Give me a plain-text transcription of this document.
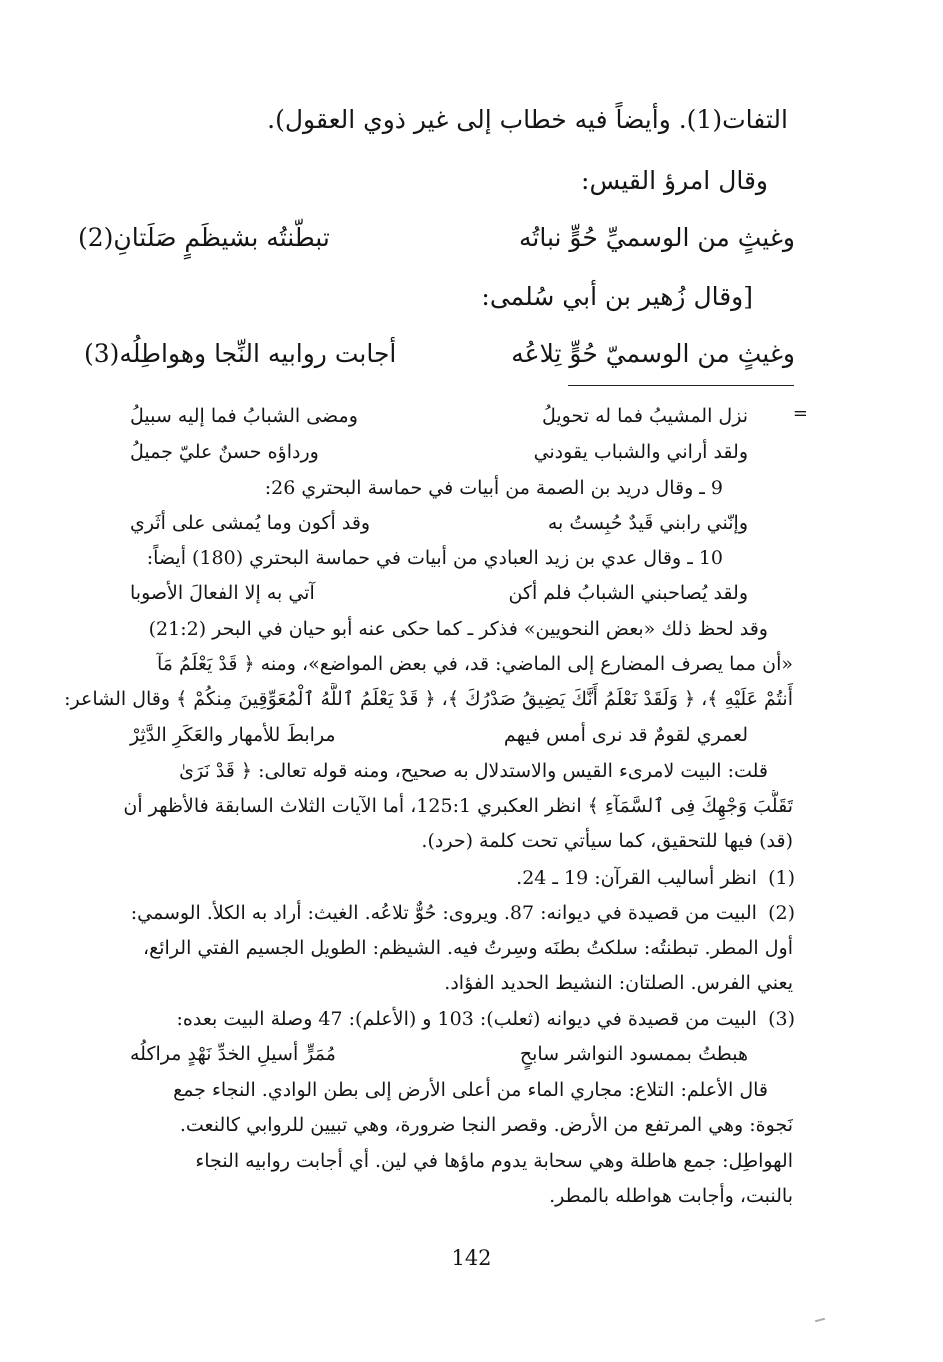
التفات(1). وأيضاً فيه خطاب إلى غير ذوي العقول).
وقال امرؤ القيس:
وغيثٍ من الوسميِّ حُوٍّ نباتُه
تبطّنتُه بشيظَمٍ صَلَتانِ(2)
[وقال زُهير بن أبي سُلمى:
وغيثٍ من الوسميّ حُوٍّ تِلاعُه
أجابت روابيه النِّجا وهواطِلُه(3)
=
نزل المشيبُ فما له تحويلُ
ومضى الشبابُ فما إليه سبيلُ
ولقد أراني والشباب يقودني
ورداؤه حسنٌ عليّ جميلُ
9 ـ وقال دريد بن الصمة من أبيات في حماسة البحتري 26:
وإنّني رابني قَيدٌ حُبِستُ به
وقد أكون وما يُمشى على أثَري
10 ـ وقال عدي بن زيد العبادي من أبيات في حماسة البحتري (180) أيضاً:
ولقد يُصاحبني الشبابُ فلم أكن
آتي به إلا الفعالَ الأصوبا
وقد لحظ ذلك «بعض النحويين» فذكر ـ كما حكى عنه أبو حيان في البحر (21:2)
«أن مما يصرف المضارع إلى الماضي: قد، في بعض المواضع»، ومنه ﴿ قَدْ يَعْلَمُ مَآ
أَنتُمْ عَلَيْهِ ﴾، ﴿ وَلَقَدْ نَعْلَمُ أَنَّكَ يَضِيقُ صَدْرُكَ ﴾، ﴿ قَدْ يَعْلَمُ ٱللَّهُ ٱلْمُعَوِّقِينَ مِنكُمْ ﴾ وقال الشاعر:
لعمري لقومٌ قد نرى أمس فيهم
مرابطَ للأمهار والعَكَرِ الدَّثِرْ
قلت: البيت لامرىء القيس والاستدلال به صحيح، ومنه قوله تعالى: ﴿ قَدْ نَرَىٰ
تَقَلُّبَ وَجْهِكَ فِى ٱلسَّمَآءِ ﴾ انظر العكبري 125:1، أما الآيات الثلاث السابقة فالأظهر أن
(قد) فيها للتحقيق، كما سيأتي تحت كلمة (حرد).
(1) انظر أساليب القرآن: 19 ـ 24.
(2) البيت من قصيدة في ديوانه: 87. ويروى: حُوٌّ تلاعُه. الغيث: أراد به الكلأ. الوسمي:
أول المطر. تبطنتُه: سلكتُ بطنَه وسِرتُ فيه. الشيظم: الطويل الجسيم الفتي الرائع،
يعني الفرس. الصلتان: النشيط الحديد الفؤاد.
(3) البيت من قصيدة في ديوانه (ثعلب): 103 و (الأعلم): 47 وصلة البيت بعده:
هبطتُ بممسود النواشر سابحٍ
مُمَرٍّ أسيلِ الخدِّ نَهْدٍ مراكلُه
قال الأعلم: التلاع: مجاري الماء من أعلى الأرض إلى بطن الوادي. النجاء جمع
نَجوة: وهي المرتفع من الأرض. وقصر النجا ضرورة، وهي تبيين للروابي كالنعت.
الهواطِل: جمع هاطلة وهي سحابة يدوم ماؤها في لين. أي أجابت روابيه النجاء
بالنبت، وأجابت هواطله بالمطر.
142
